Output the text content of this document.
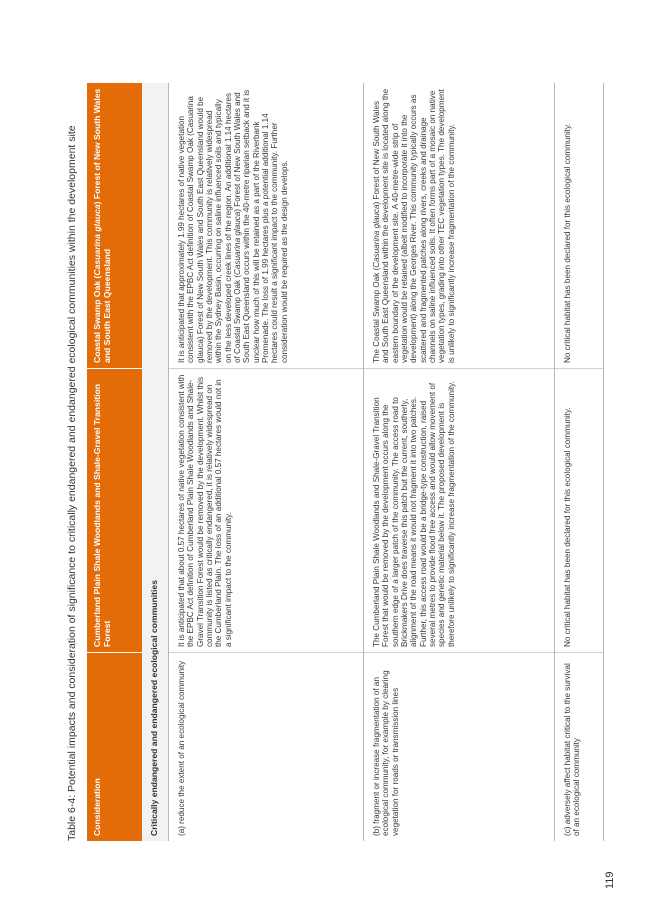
Table 6-4: Potential impacts and consideration of significance to critically endangered and endangered ecological communities within the development site	Consideration
Cumberland Plain Shale Woodlands and Shale-Gravel Transition Forest
Coastal Swamp Oak (Casuarina glauca) Forest of New South Wales and South East Queensland
Critically endangered and endangered ecological communities	(a) reduce the extent of an ecological community
It is anticipated that about 0.57 hectares of native vegetation consistent with the EPBC Act definition of Cumberland Plain Shale Woodlands and Shale-Gravel Transition Forest would be removed by the development. Whilst this community is listed as critically endangered, it is relatively widespread on the Cumberland Plain. The loss of an additional 0.57 hectares would not in a significant impact to the community.
It is anticipated that approximately 1.99 hectares of native vegetation consistent with the EPBC Act definition of Coastal Swamp Oak (Casuarina glauca) Forest of New South Wales and South East Queensland would be removed by the development. This community is relatively widespread within the Sydney Basin, occurring on saline influenced soils and typically on the less developed creek lines of the region. An additional 1.14 hectares of Coastal Swamp Oak (Casuarina glauca) Forest of New South Wales and South East Queensland occurs within the 40-metre riparian setback and it is unclear how much of this will be retained as a part of the Riverbank Promenade. The loss of 1.99 hectares plus a potential additional 1.14 hectares could result a significant impact to the community. Further consideration would be required as the design develops.
(b) fragment or increase fragmentation of an ecological community, for example by clearing vegetation for roads or transmission lines
The Cumberland Plain Shale Woodlands and Shale-Gravel Transition Forest that would be removed by the development occurs along the southern edge of a larger patch of the community. The access road to Brickmakers Drive does traverse this patch but the current, southerly, alignment of the road means it would not fragment it into two patches. Further, this access road would be a bridge-type construction, raised several metres to provide flood free access and would allow movement of species and genetic material below it. The proposed development is therefore unlikely to significantly increase fragmentation of the community.
The Coastal Swamp Oak (Casuarina glauca) Forest of New South Wales and South East Queensland within the development site is located along the eastern boundary of the development site. A 40-metre-wide strip of vegetation would be retained (albeit modified to incorporate it into the development) along the Georges River. This community typically occurs as scattered and fragmented patches along rivers, creeks and drainage channels on saline influenced soils. It often forms part of a mosaic on native vegetation types, grading into other TEC vegetation types. The development is unlikely to significantly increase fragmentation of the community.
(c) adversely affect habitat critical to the survival of an ecological community
No critical habitat has been declared for this ecological community.
No critical habitat has been declared for this ecological community.
119
